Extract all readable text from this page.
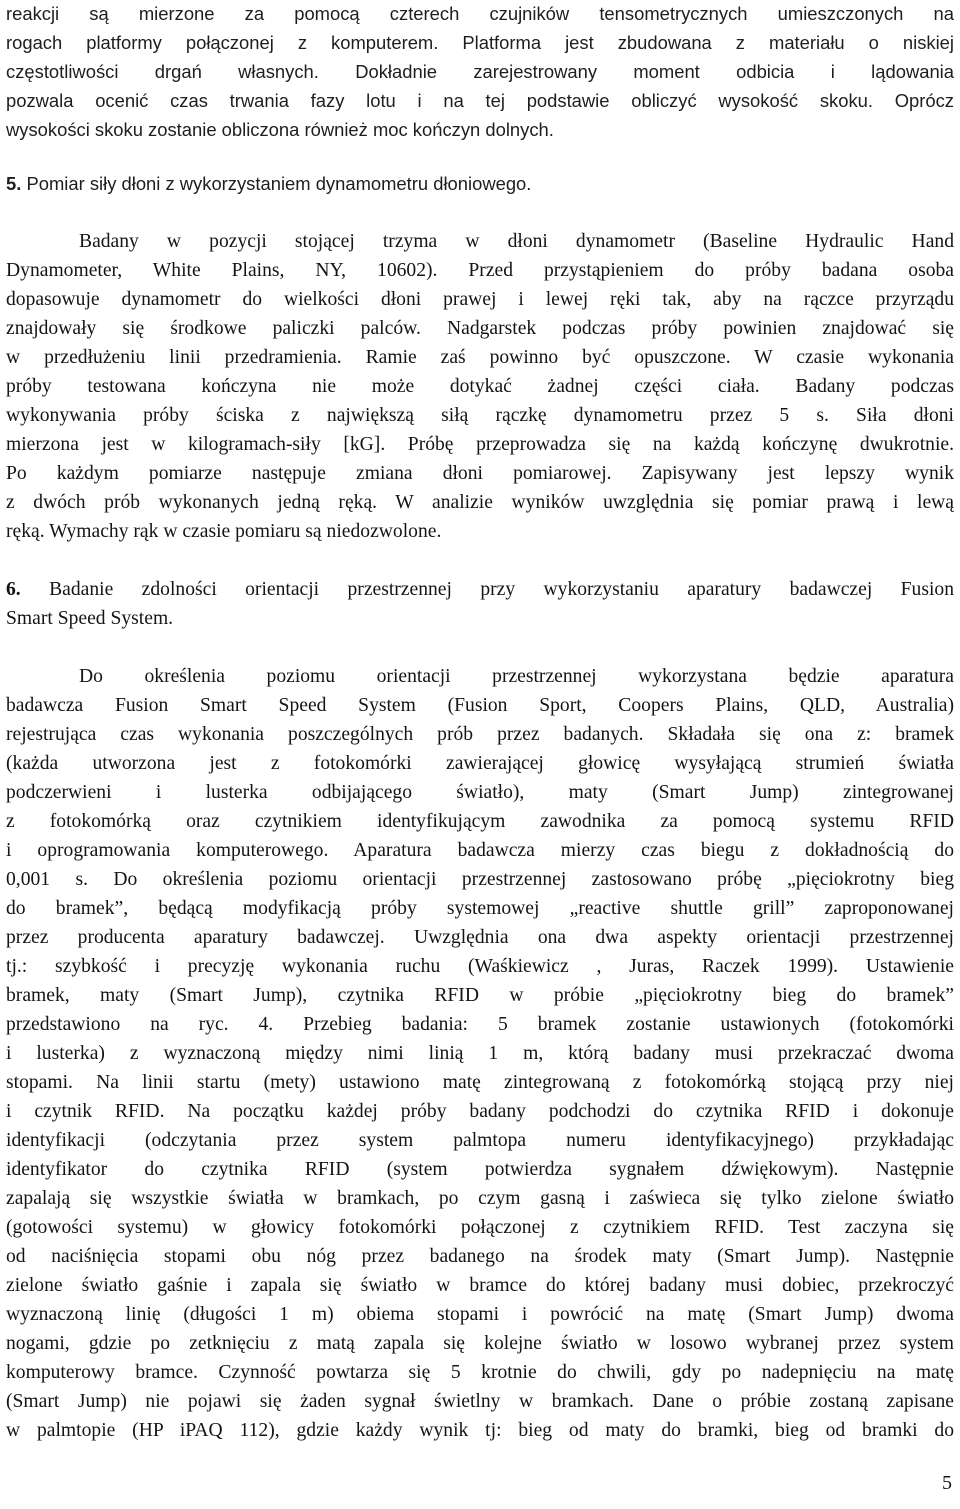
reakcji są mierzone za pomocą czterech czujników tensometrycznych umieszczonych na
rogach platformy połączonej z komputerem. Platforma jest zbudowana z materiału o niskiej
częstotliwości drgań własnych. Dokładnie zarejestrowany moment odbicia i lądowania
pozwala ocenić czas trwania fazy lotu i na tej podstawie obliczyć wysokość skoku. Oprócz
wysokości skoku zostanie obliczona również moc kończyn dolnych.
5. Pomiar siły dłoni z wykorzystaniem dynamometru dłoniowego.
Badany w pozycji stojącej trzyma w dłoni dynamometr (Baseline Hydraulic Hand
Dynamometer, White Plains, NY, 10602). Przed przystąpieniem do próby badana osoba
dopasowuje dynamometr do wielkości dłoni prawej i lewej ręki tak, aby na rączce przyrządu
znajdowały się środkowe paliczki palców. Nadgarstek podczas próby powinien znajdować się
w przedłużeniu linii przedramienia. Ramie zaś powinno być opuszczone. W czasie wykonania
próby testowana kończyna nie może dotykać żadnej części ciała. Badany podczas
wykonywania próby ściska z największą siłą rączkę dynamometru przez 5 s. Siła dłoni
mierzona jest w kilogramach-siły [kG]. Próbę przeprowadza się na każdą kończynę dwukrotnie.
Po każdym pomiarze następuje zmiana dłoni pomiarowej. Zapisywany jest lepszy wynik
z dwóch prób wykonanych jedną ręką. W analizie wyników uwzględnia się pomiar prawą i lewą
ręką. Wymachy rąk w czasie pomiaru są niedozwolone.
6. Badanie zdolności orientacji przestrzennej przy wykorzystaniu aparatury badawczej Fusion
Smart Speed System.
Do określenia poziomu orientacji przestrzennej wykorzystana będzie aparatura
badawcza Fusion Smart Speed System (Fusion Sport, Coopers Plains, QLD, Australia)
rejestrująca czas wykonania poszczególnych prób przez badanych. Składała się ona z: bramek
(każda utworzona jest z fotokomórki zawierającej głowicę wysyłającą strumień światła
podczerwieni i lusterka odbijającego światło), maty (Smart Jump) zintegrowanej
z fotokomórką oraz czytnikiem identyfikującym zawodnika za pomocą systemu RFID
i oprogramowania komputerowego. Aparatura badawcza mierzy czas biegu z dokładnością do
0,001 s. Do określenia poziomu orientacji przestrzennej zastosowano próbę „pięciokrotny bieg
do bramek”, będącą modyfikacją próby systemowej „reactive shuttle grill” zaproponowanej
przez producenta aparatury badawczej. Uwzględnia ona dwa aspekty orientacji przestrzennej
tj.: szybkość i precyzję wykonania ruchu (Waśkiewicz , Juras, Raczek 1999). Ustawienie
bramek, maty (Smart Jump), czytnika RFID w próbie „pięciokrotny bieg do bramek”
przedstawiono na ryc. 4. Przebieg badania: 5 bramek zostanie ustawionych (fotokomórki
i lusterka) z wyznaczoną między nimi linią 1 m, którą badany musi przekraczać dwoma
stopami. Na linii startu (mety) ustawiono matę zintegrowaną z fotokomórką stojącą przy niej
i czytnik RFID. Na początku każdej próby badany podchodzi do czytnika RFID i dokonuje
identyfikacji (odczytania przez system palmtopa numeru identyfikacyjnego) przykładając
identyfikator do czytnika RFID (system potwierdza sygnałem dźwiękowym). Następnie
zapalają się wszystkie światła w bramkach, po czym gasną i zaświeca się tylko zielone światło
(gotowości systemu) w głowicy fotokomórki połączonej z czytnikiem RFID. Test zaczyna się
od naciśnięcia stopami obu nóg przez badanego na środek maty (Smart Jump). Następnie
zielone światło gaśnie i zapala się światło w bramce do której badany musi dobiec, przekroczyć
wyznaczoną linię (długości 1 m) obiema stopami i powrócić na matę (Smart Jump) dwoma
nogami, gdzie po zetknięciu z matą zapala się kolejne światło w losowo wybranej przez system
komputerowy bramce. Czynność powtarza się 5 krotnie do chwili, gdy po nadepnięciu na matę
(Smart Jump) nie pojawi się żaden sygnał świetlny w bramkach. Dane o próbie zostaną zapisane
w palmtopie (HP iPAQ 112), gdzie każdy wynik tj: bieg od maty do bramki, bieg od bramki do
5
